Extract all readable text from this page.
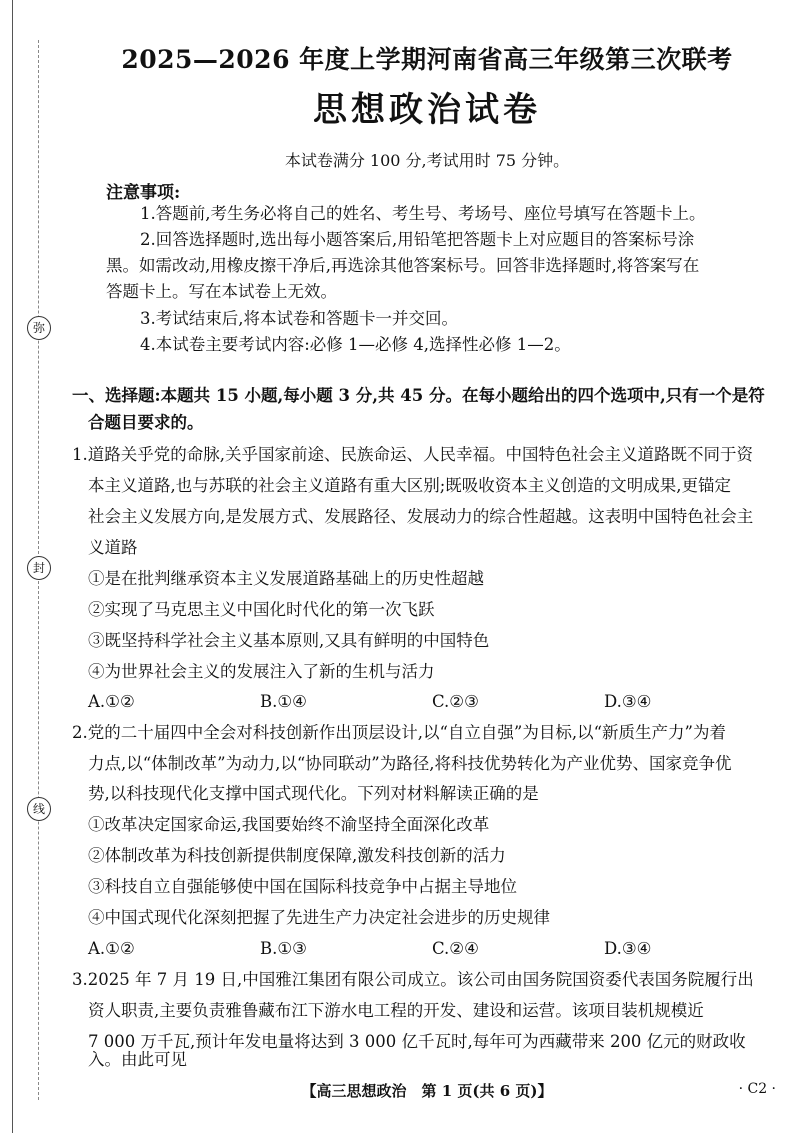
弥
封
线
2025—2026 年度上学期河南省高三年级第三次联考
思想政治试卷
本试卷满分 100 分,考试用时 75 分钟。
注意事项:
1.答题前,考生务必将自己的姓名、考生号、考场号、座位号填写在答题卡上。
2.回答选择题时,选出每小题答案后,用铅笔把答题卡上对应题目的答案标号涂
黑。如需改动,用橡皮擦干净后,再选涂其他答案标号。回答非选择题时,将答案写在
答题卡上。写在本试卷上无效。
3.考试结束后,将本试卷和答题卡一并交回。
4.本试卷主要考试内容:必修 1—必修 4,选择性必修 1—2。
一、选择题:本题共 15 小题,每小题 3 分,共 45 分。在每小题给出的四个选项中,只有一个是符
合题目要求的。
1.道路关乎党的命脉,关乎国家前途、民族命运、人民幸福。中国特色社会主义道路既不同于资
本主义道路,也与苏联的社会主义道路有重大区别;既吸收资本主义创造的文明成果,更锚定
社会主义发展方向,是发展方式、发展路径、发展动力的综合性超越。这表明中国特色社会主
义道路
①是在批判继承资本主义发展道路基础上的历史性超越
②实现了马克思主义中国化时代化的第一次飞跃
③既坚持科学社会主义基本原则,又具有鲜明的中国特色
④为世界社会主义的发展注入了新的生机与活力
A.①②	B.①④	C.②③	D.③④
2.党的二十届四中全会对科技创新作出顶层设计,以“自立自强”为目标,以“新质生产力”为着
力点,以“体制改革”为动力,以“协同联动”为路径,将科技优势转化为产业优势、国家竞争优
势,以科技现代化支撑中国式现代化。下列对材料解读正确的是
①改革决定国家命运,我国要始终不渝坚持全面深化改革
②体制改革为科技创新提供制度保障,激发科技创新的活力
③科技自立自强能够使中国在国际科技竞争中占据主导地位
④中国式现代化深刻把握了先进生产力决定社会进步的历史规律
A.①②	B.①③	C.②④	D.③④
3.2025 年 7 月 19 日,中国雅江集团有限公司成立。该公司由国务院国资委代表国务院履行出
资人职责,主要负责雅鲁藏布江下游水电工程的开发、建设和运营。该项目装机规模近
7 000 万千瓦,预计年发电量将达到 3 000 亿千瓦时,每年可为西藏带来 200 亿元的财政收
入。由此可见
【高三思想政治　第 1 页(共 6 页)】	· C2 ·
